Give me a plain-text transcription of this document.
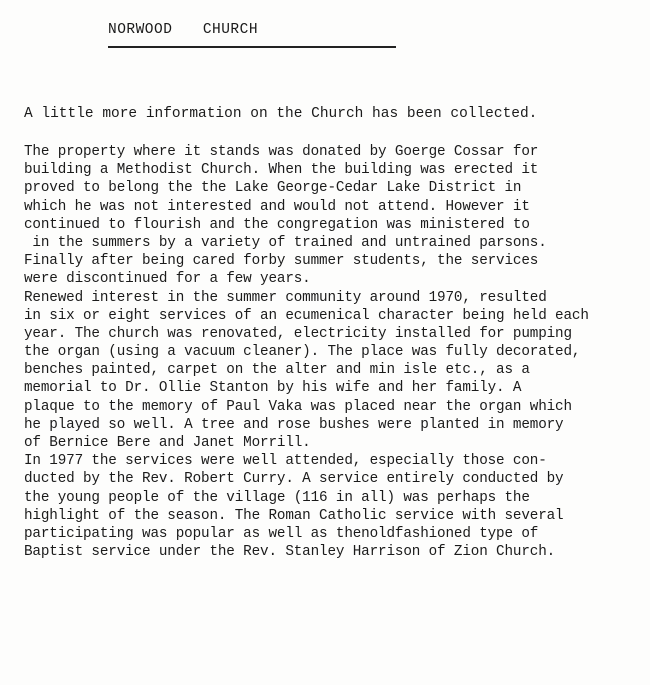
NORWOOD  CHURCH
A little more information on the Church has been collected.
The property where it stands was donated by Goerge Cossar for
building a Methodist Church. When the building was erected it
proved to belong the the Lake George-Cedar Lake District in
which he was not interested and would not attend. However it
continued to flourish and the congregation was ministered to
in the summers by a variety of trained and untrained parsons.
Finally after being cared forby summer students, the services
were discontinued for a few years.
Renewed interest in the summer community around 1970, resulted
in six or eight services of an ecumenical character being held each
year. The church was renovated, electricity installed for pumping
the organ (using a vacuum cleaner). The place was fully decorated,
benches painted, carpet on the alter and min isle etc., as a
memorial to Dr. Ollie Stanton by his wife and her family. A
plaque to the memory of Paul Vaka was placed near the organ which
he played so well. A tree and rose bushes were planted in memory
of Bernice Bere and Janet Morrill.
In 1977 the services were well attended, especially those con-
ducted by the Rev. Robert Curry. A service entirely conducted by
the young people of the village (116 in all) was perhaps the
highlight of the season. The Roman Catholic service with several
participating was popular as well as thenoldfashioned type of
Baptist service under the Rev. Stanley Harrison of Zion Church.
